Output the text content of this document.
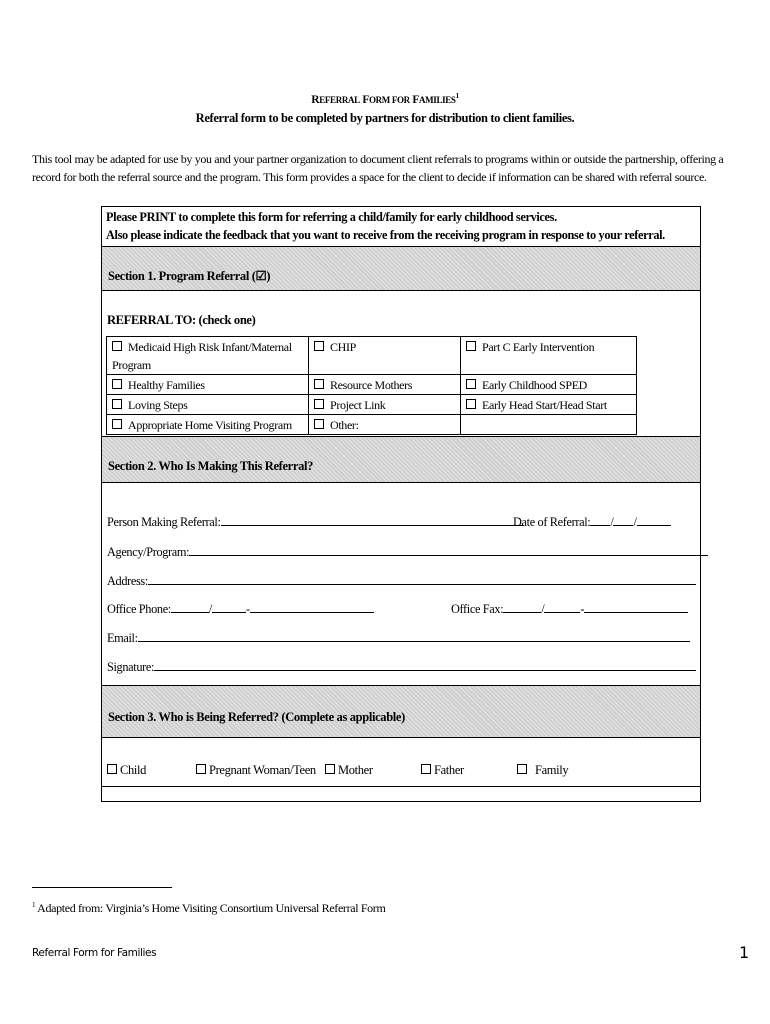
REFERRAL FORM FOR FAMILIES$^1$
Referral form to be completed by partners for distribution to client families.
This tool may be adapted for use by you and your partner organization to document client referrals to programs within or outside the partnership, offering a record for both the referral source and the program. This form provides a space for the client to decide if information can be shared with referral source.
Please PRINT to complete this form for referring a child/family for early childhood services.
Also please indicate the feedback that you want to receive from the receiving program in response to your referral.
Section 1. Program Referral (☑)
REFERRAL TO: (check one)
Medicaid High Risk Infant/Maternal Program	CHIP	Part C Early Intervention
Healthy Families	Resource Mothers	Early Childhood SPED
Loving Steps	Project Link	Early Head Start/Head Start
Appropriate Home Visiting Program	Other:	
Section 2. Who Is Making This Referral?
Person Making Referral:	Date of Referral: / /
Agency/Program:
Address:
Office Phone:	/	-	Office Fax:	/	-
Email:
Signature:
Section 3. Who is Being Referred? (Complete as applicable)
Child	Pregnant Woman/Teen	Mother	Father	Family
$^1$ Adapted from: Virginia’s Home Visiting Consortium Universal Referral Form
Referral Form for Families	1
